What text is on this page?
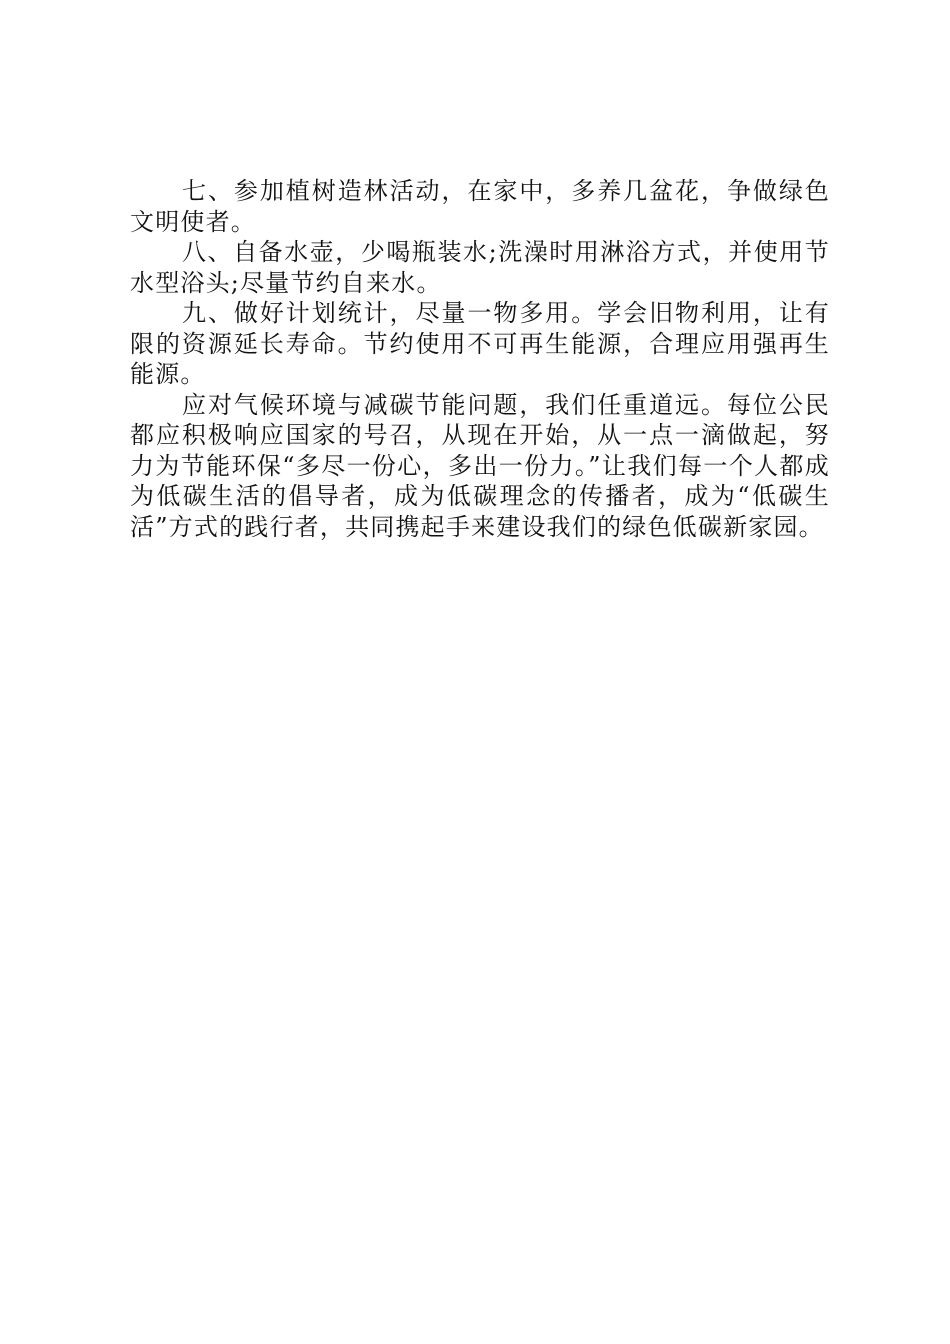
七、参加植树造林活动，在家中，多养几盆花，争做绿色文明使者。

八、自备水壶，少喝瓶装水;洗澡时用淋浴方式，并使用节水型浴头;尽量节约自来水。

九、做好计划统计，尽量一物多用。学会旧物利用，让有限的资源延长寿命。节约使用不可再生能源，合理应用强再生能源。

应对气候环境与减碳节能问题，我们任重道远。每位公民都应积极响应国家的号召，从现在开始，从一点一滴做起，努力为节能环保“多尽一份心，多出一份力。”让我们每一个人都成为低碳生活的倡导者，成为低碳理念的传播者，成为“低碳生活”方式的践行者，共同携起手来建设我们的绿色低碳新家园。
